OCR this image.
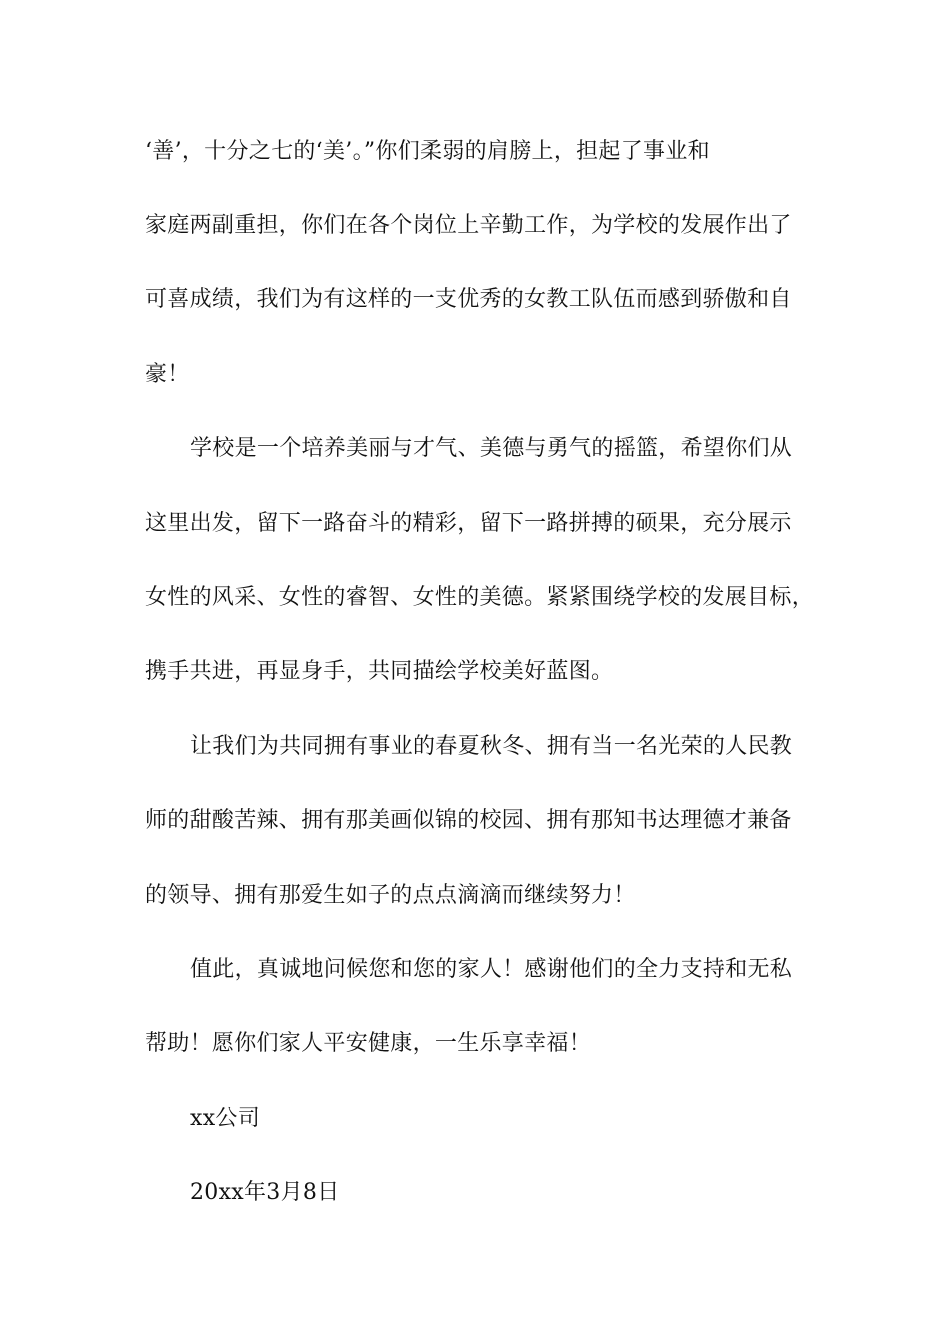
‘善’，十分之七的‘美’。”你们柔弱的肩膀上，担起了事业和
家庭两副重担，你们在各个岗位上辛勤工作，为学校的发展作出了
可喜成绩，我们为有这样的一支优秀的女教工队伍而感到骄傲和自
豪！
学校是一个培养美丽与才气、美德与勇气的摇篮，希望你们从
这里出发，留下一路奋斗的精彩，留下一路拼搏的硕果，充分展示
女性的风采、女性的睿智、女性的美德。紧紧围绕学校的发展目标，
携手共进，再显身手，共同描绘学校美好蓝图。
让我们为共同拥有事业的春夏秋冬、拥有当一名光荣的人民教
师的甜酸苦辣、拥有那美画似锦的校园、拥有那知书达理德才兼备
的领导、拥有那爱生如子的点点滴滴而继续努力！
值此，真诚地问候您和您的家人！感谢他们的全力支持和无私
帮助！愿你们家人平安健康，一生乐享幸福！
xx公司
20xx年3月8日
